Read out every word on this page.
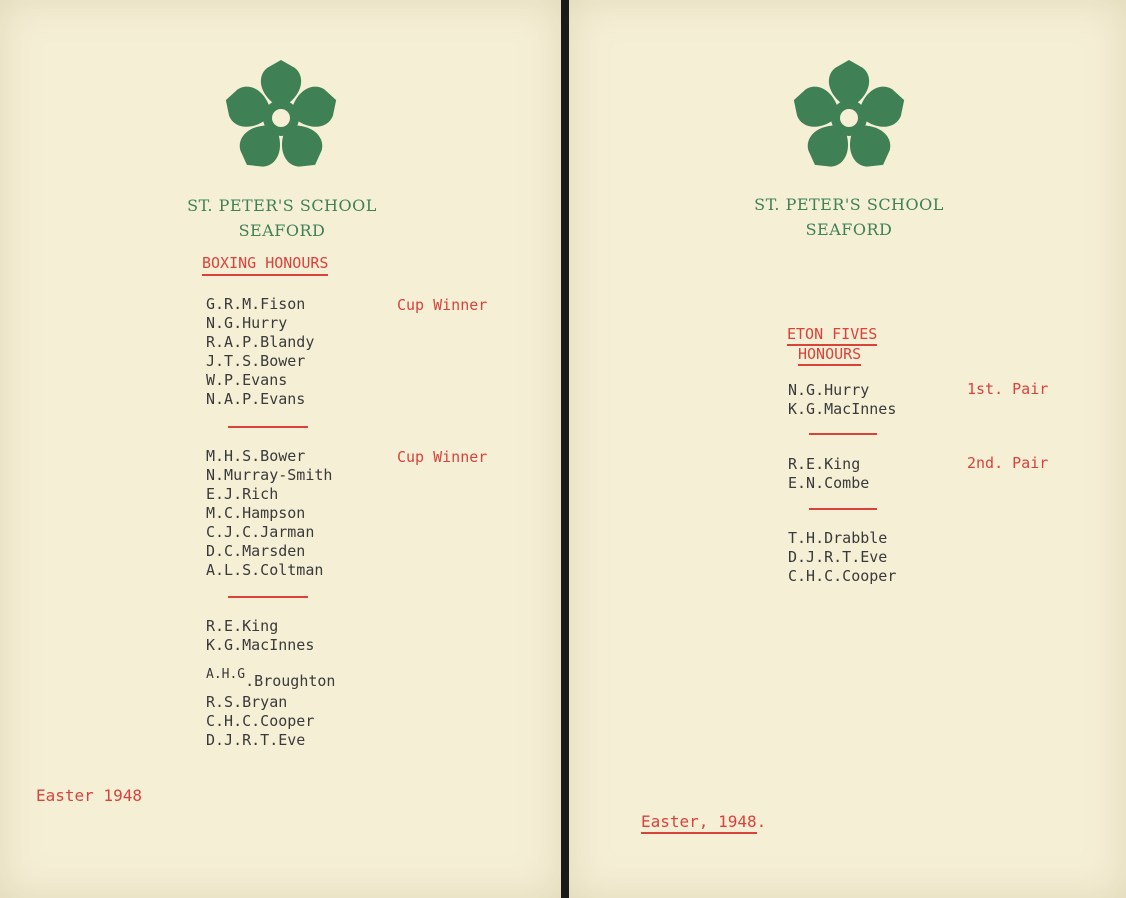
ST. PETER'S SCHOOL
SEAFORD
BOXING HONOURS
G.R.M.Fison
N.G.Hurry
R.A.P.Blandy
J.T.S.Bower
W.P.Evans
N.A.P.Evans
Cup Winner
M.H.S.Bower
N.Murray-Smith
E.J.Rich
M.C.Hampson
C.J.C.Jarman
D.C.Marsden
A.L.S.Coltman
Cup Winner
R.E.King
K.G.MacInnes
A.H.G.Broughton
R.S.Bryan
C.H.C.Cooper
D.J.R.T.Eve
Easter 1948
ST. PETER'S SCHOOL
SEAFORD
ETON FIVES
HONOURS
N.G.Hurry
K.G.MacInnes
1st. Pair
R.E.King
E.N.Combe
2nd. Pair
T.H.Drabble
D.J.R.T.Eve
C.H.C.Cooper
Easter, 1948.
